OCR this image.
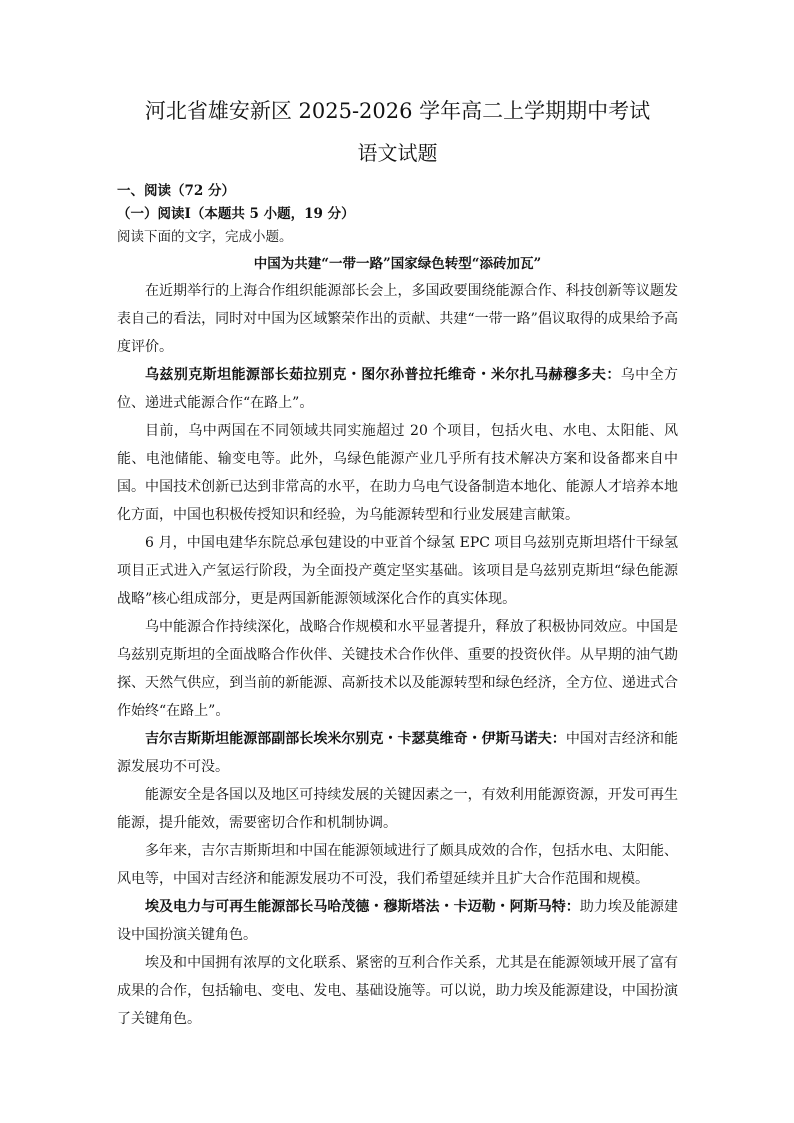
河北省雄安新区 2025-2026 学年高二上学期期中考试
语文试题
一、阅读（72 分）
（一）阅读Ⅰ（本题共 5 小题，19 分）
阅读下面的文字，完成小题。
中国为共建“一带一路”国家绿色转型“添砖加瓦”

在近期举行的上海合作组织能源部长会上，多国政要围绕能源合作、科技创新等议题发表自己的看法，同时对中国为区域繁荣作出的贡献、共建“一带一路”倡议取得的成果给予高度评价。

乌兹别克斯坦能源部长茹拉别克・图尔孙普拉托维奇・米尔扎马赫穆多夫：乌中全方位、递进式能源合作“在路上”。

目前，乌中两国在不同领域共同实施超过 20 个项目，包括火电、水电、太阳能、风能、电池储能、输变电等。此外，乌绿色能源产业几乎所有技术解决方案和设备都来自中国。中国技术创新已达到非常高的水平，在助力乌电气设备制造本地化、能源人才培养本地化方面，中国也积极传授知识和经验，为乌能源转型和行业发展建言献策。

6 月，中国电建华东院总承包建设的中亚首个绿氢 EPC 项目乌兹别克斯坦塔什干绿氢项目正式进入产氢运行阶段，为全面投产奠定坚实基础。该项目是乌兹别克斯坦“绿色能源战略”核心组成部分，更是两国新能源领域深化合作的真实体现。

乌中能源合作持续深化，战略合作规模和水平显著提升，释放了积极协同效应。中国是乌兹别克斯坦的全面战略合作伙伴、关键技术合作伙伴、重要的投资伙伴。从早期的油气勘探、天然气供应，到当前的新能源、高新技术以及能源转型和绿色经济，全方位、递进式合作始终“在路上”。

吉尔吉斯斯坦能源部副部长埃米尔别克・卡瑟莫维奇・伊斯马诺夫：中国对吉经济和能源发展功不可没。

能源安全是各国以及地区可持续发展的关键因素之一，有效利用能源资源，开发可再生能源，提升能效，需要密切合作和机制协调。

多年来，吉尔吉斯斯坦和中国在能源领域进行了颇具成效的合作，包括水电、太阳能、风电等，中国对吉经济和能源发展功不可没，我们希望延续并且扩大合作范围和规模。

埃及电力与可再生能源部长马哈茂德・穆斯塔法・卡迈勒・阿斯马特：助力埃及能源建设中国扮演关键角色。

埃及和中国拥有浓厚的文化联系、紧密的互利合作关系，尤其是在能源领域开展了富有成果的合作，包括输电、变电、发电、基础设施等。可以说，助力埃及能源建设，中国扮演了关键角色。
